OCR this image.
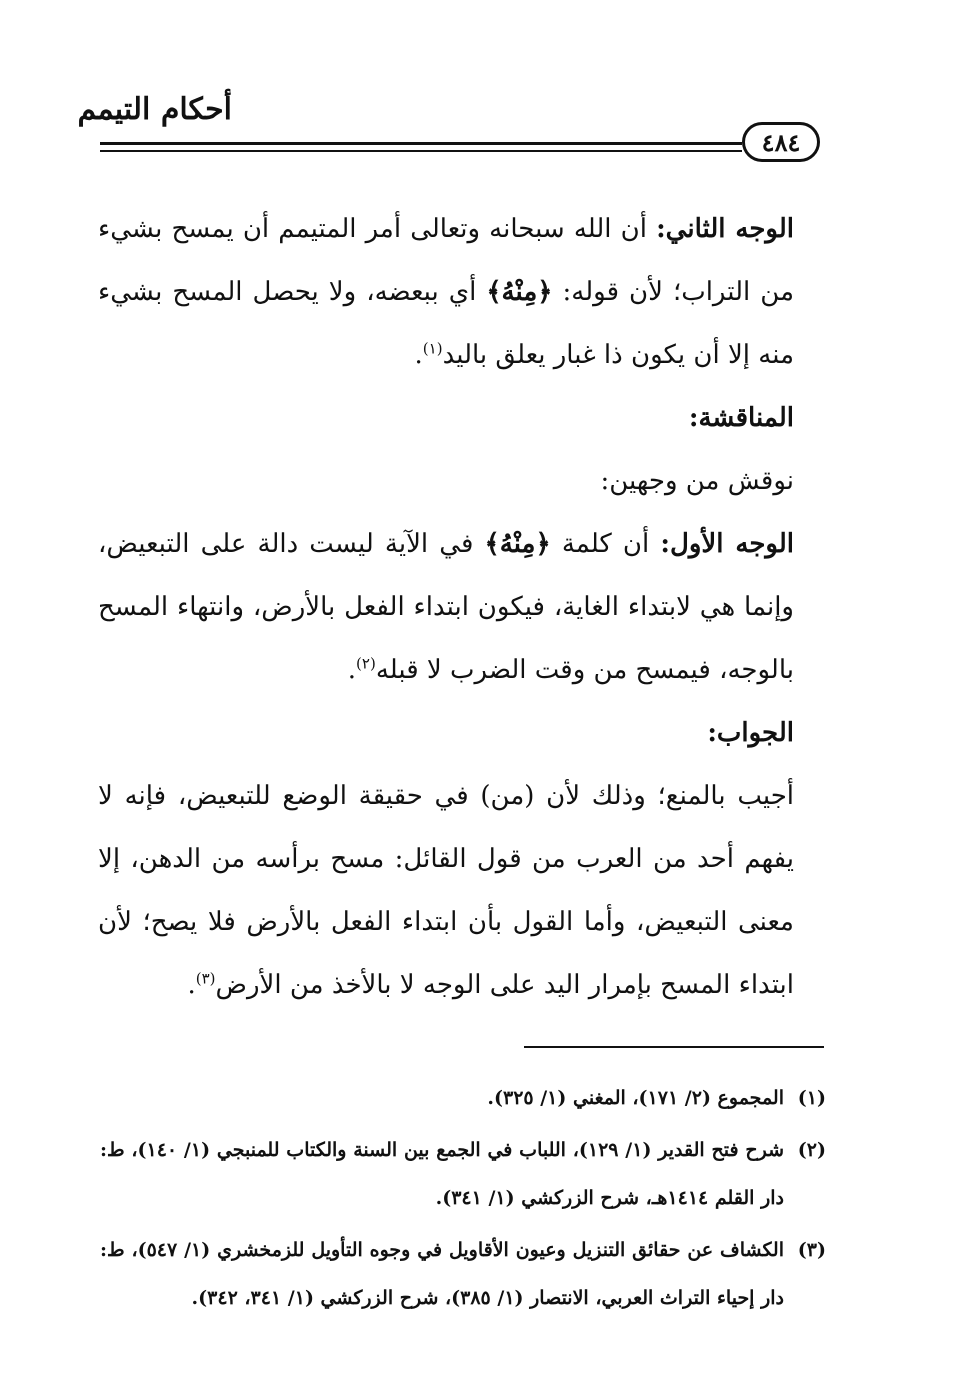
أحكام التيمم
٤٨٤

الوجه الثاني: أن الله سبحانه وتعالى أمر المتيمم أن يمسح بشيء من التراب؛ لأن قوله: ﴿مِنْهُ﴾ أي ببعضه، ولا يحصل المسح بشيء منه إلا أن يكون ذا غبار يعلق باليد$^{(١)}$.

المناقشة:

نوقش من وجهين:

الوجه الأول: أن كلمة ﴿مِنْهُ﴾ في الآية ليست دالة على التبعيض، وإنما هي لابتداء الغاية، فيكون ابتداء الفعل بالأرض، وانتهاء المسح بالوجه، فيمسح من وقت الضرب لا قبله$^{(٢)}$.

الجواب:

أجيب بالمنع؛ وذلك لأن (من) في حقيقة الوضع للتبعيض، فإنه لا يفهم أحد من العرب من قول القائل: مسح برأسه من الدهن، إلا معنى التبعيض، وأما القول بأن ابتداء الفعل بالأرض فلا يصح؛ لأن ابتداء المسح بإمرار اليد على الوجه لا بالأخذ من الأرض$^{(٣)}$.

(١)
المجموع (٢/ ١٧١)، المغني (١/ ٣٢٥).
(٢)
شرح فتح القدير (١/ ١٢٩)، اللباب في الجمع بين السنة والكتاب للمنبجي (١/ ١٤٠)، ط: دار القلم ١٤١٤هـ، شرح الزركشي (١/ ٣٤١).
(٣)
الكشاف عن حقائق التنزيل وعيون الأقاويل في وجوه التأويل للزمخشري (١/ ٥٤٧)، ط: دار إحياء التراث العربي، الانتصار (١/ ٣٨٥)، شرح الزركشي (١/ ٣٤١، ٣٤٢).
